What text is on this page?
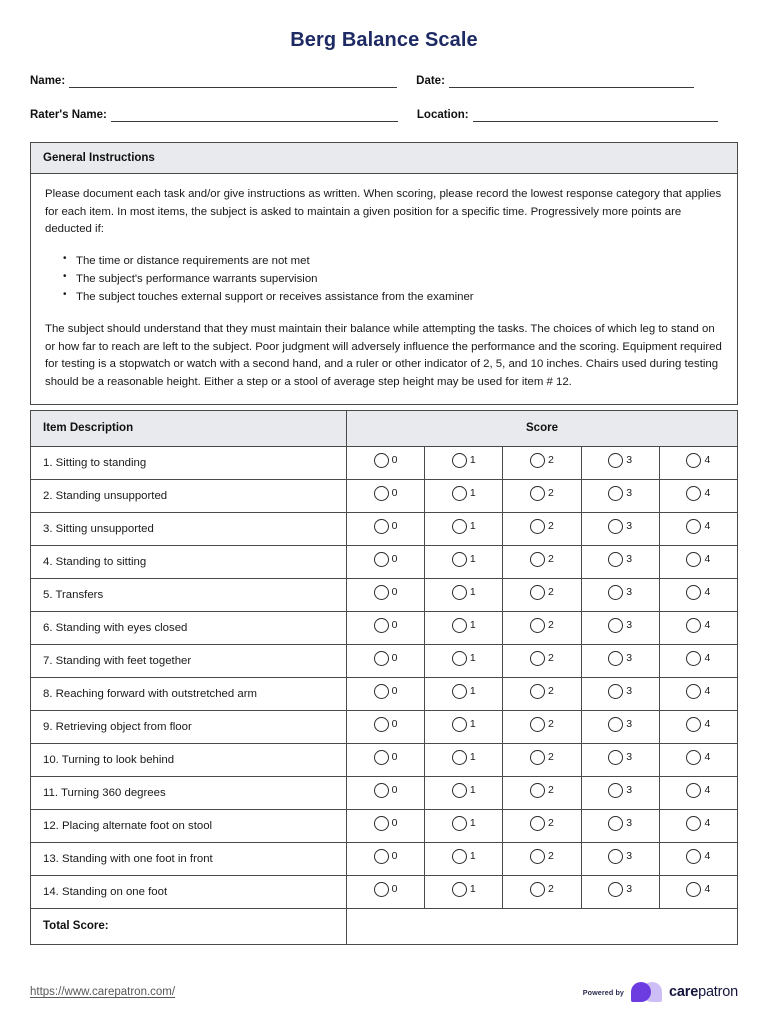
Berg Balance Scale
Name:	Date:
Rater's Name:	Location:
General Instructions

Please document each task and/or give instructions as written. When scoring, please record the lowest response category that applies for each item. In most items, the subject is asked to maintain a given position for a specific time. Progressively more points are deducted if:

• The time or distance requirements are not met
• The subject's performance warrants supervision
• The subject touches external support or receives assistance from the examiner

The subject should understand that they must maintain their balance while attempting the tasks. The choices of which leg to stand on or how far to reach are left to the subject. Poor judgment will adversely influence the performance and the scoring. Equipment required for testing is a stopwatch or watch with a second hand, and a ruler or other indicator of 2, 5, and 10 inches. Chairs used during testing should be a reasonable height. Either a step or a stool of average step height may be used for item # 12.

Item Description	Score				
1. Sitting to standing	0	1	2	3	4

2. Standing unsupported	0	1	2	3	4

3. Sitting unsupported	0	1	2	3	4

4. Standing to sitting	0	1	2	3	4

5. Transfers	0	1	2	3	4

6. Standing with eyes closed	0	1	2	3	4

7. Standing with feet together	0	1	2	3	4

8. Reaching forward with outstretched arm	0	1	2	3	4

9. Retrieving object from floor	0	1	2	3	4

10. Turning to look behind	0	1	2	3	4

11. Turning 360 degrees	0	1	2	3	4

12. Placing alternate foot on stool	0	1	2	3	4

13. Standing with one foot in front	0	1	2	3	4

14. Standing on one foot	0	1	2	3	4

Total Score:					
https://www.carepatron.com/	Powered by	carepatron
